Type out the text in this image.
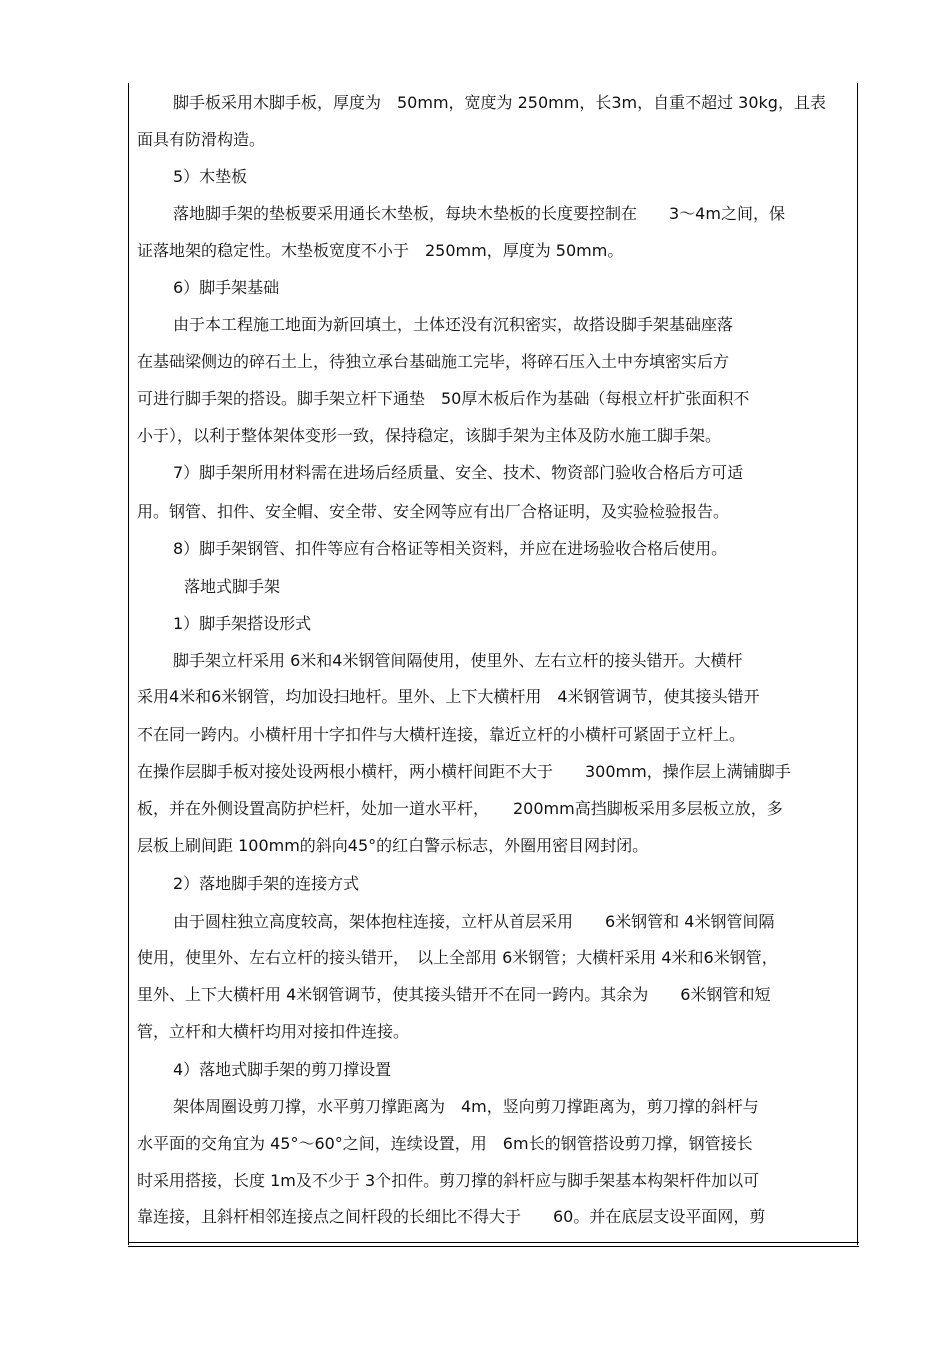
脚手板采用木脚手板，厚度为　50mm，宽度为 250mm，长3m，自重不超过 30kg，且表
面具有防滑构造。
5）木垫板
落地脚手架的垫板要采用通长木垫板，每块木垫板的长度要控制在　　3～4m之间，保
证落地架的稳定性。木垫板宽度不小于　250mm，厚度为 50mm。
6）脚手架基础
由于本工程施工地面为新回填土，土体还没有沉积密实，故搭设脚手架基础座落
在基础梁侧边的碎石土上，待独立承台基础施工完毕，将碎石压入土中夯填密实后方
可进行脚手架的搭设。脚手架立杆下通垫　50厚木板后作为基础（每根立杆扩张面积不
小于），以利于整体架体变形一致，保持稳定，该脚手架为主体及防水施工脚手架。
7）脚手架所用材料需在进场后经质量、安全、技术、物资部门验收合格后方可适
用。钢管、扣件、安全帽、安全带、安全网等应有出厂合格证明，及实验检验报告。
8）脚手架钢管、扣件等应有合格证等相关资料，并应在进场验收合格后使用。
落地式脚手架
1）脚手架搭设形式
脚手架立杆采用 6米和4米钢管间隔使用，使里外、左右立杆的接头错开。大横杆
采用4米和6米钢管，均加设扫地杆。里外、上下大横杆用　4米钢管调节，使其接头错开
不在同一跨内。小横杆用十字扣件与大横杆连接，靠近立杆的小横杆可紧固于立杆上。
在操作层脚手板对接处设两根小横杆，两小横杆间距不大于　　300mm，操作层上满铺脚手
板，并在外侧设置高防护栏杆，处加一道水平杆，　　200mm高挡脚板采用多层板立放，多
层板上刷间距 100mm的斜向45°的红白警示标志，外圈用密目网封闭。
2）落地脚手架的连接方式
由于圆柱独立高度较高，架体抱柱连接，立杆从首层采用　　6米钢管和 4米钢管间隔
使用，使里外、左右立杆的接头错开，　以上全部用 6米钢管；大横杆采用 4米和6米钢管，
里外、上下大横杆用 4米钢管调节，使其接头错开不在同一跨内。其余为　　6米钢管和短
管，立杆和大横杆均用对接扣件连接。
4）落地式脚手架的剪刀撑设置
架体周圈设剪刀撑，水平剪刀撑距离为　4m，竖向剪刀撑距离为，剪刀撑的斜杆与
水平面的交角宜为 45°～60°之间，连续设置，用　6m长的钢管搭设剪刀撑，钢管接长
时采用搭接，长度 1m及不少于 3个扣件。剪刀撑的斜杆应与脚手架基本构架杆件加以可
靠连接，且斜杆相邻连接点之间杆段的长细比不得大于　　60。并在底层支设平面网，剪
